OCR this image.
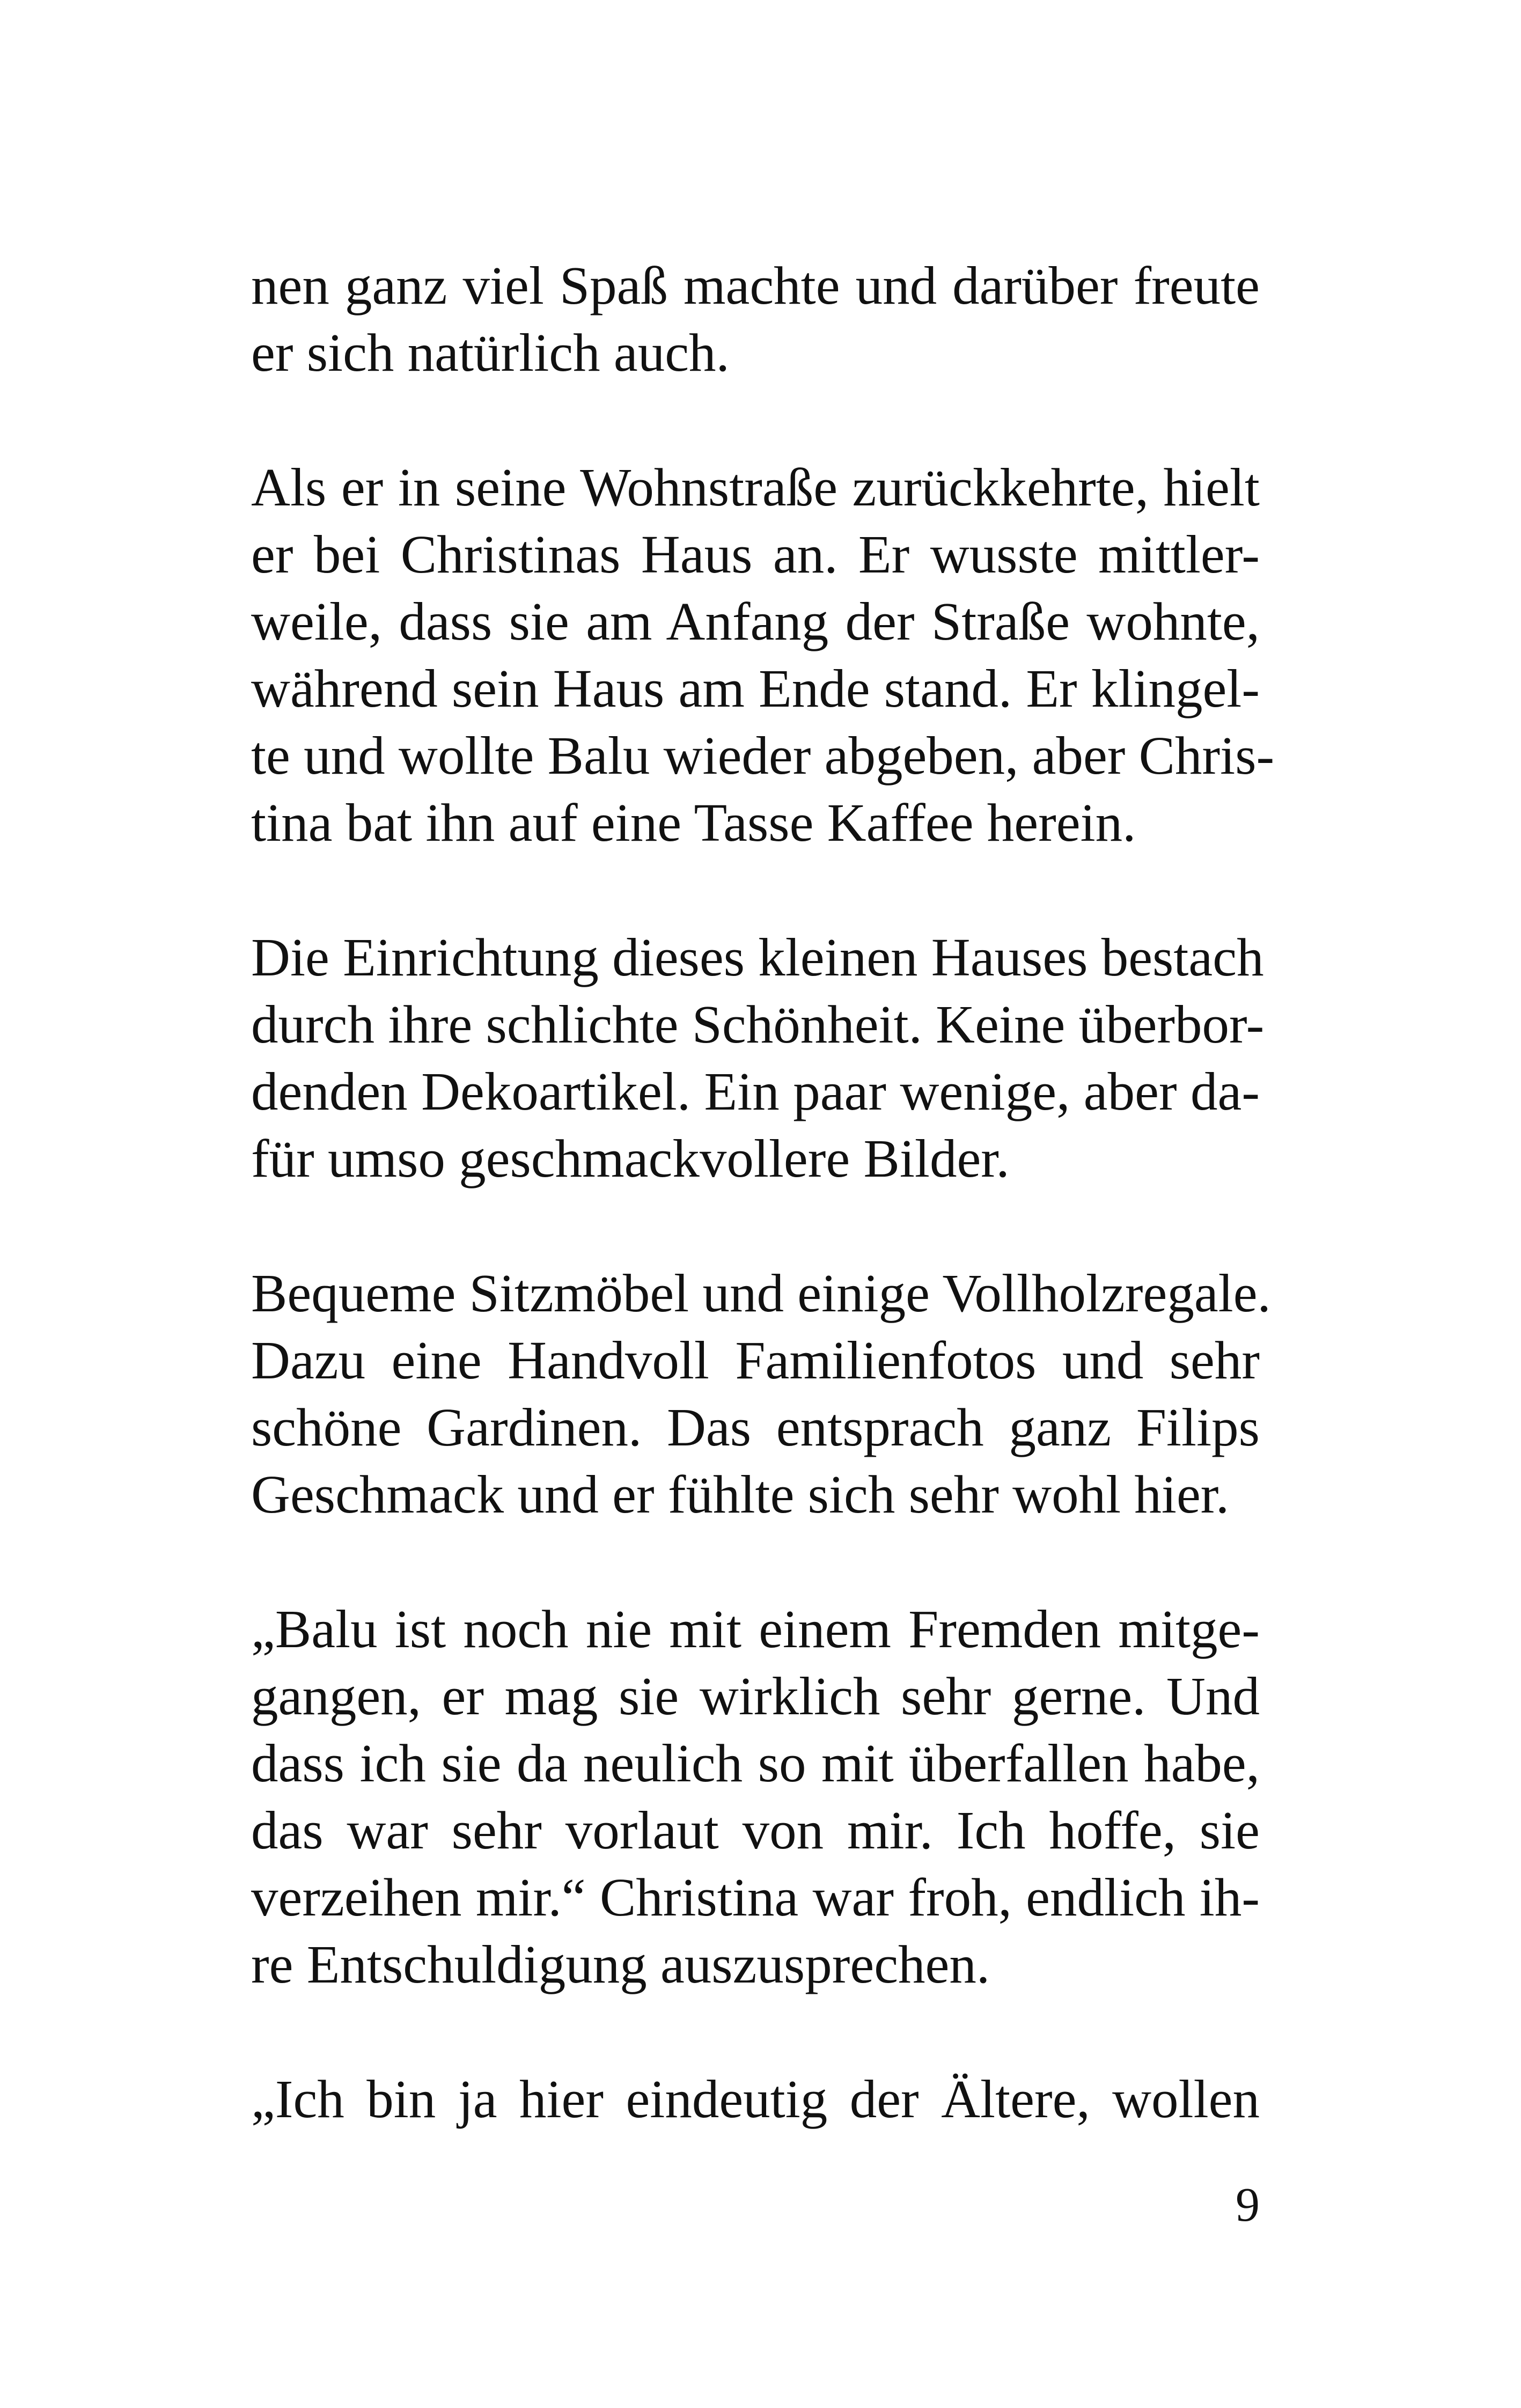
nen ganz viel Spaß machte und darüber freute
er sich natürlich auch.

Als er in seine Wohnstraße zurückkehrte, hielt
er bei Christinas Haus an. Er wusste mittler-
weile, dass sie am Anfang der Straße wohnte,
während sein Haus am Ende stand. Er klingel-
te und wollte Balu wieder abgeben, aber Chris-
tina bat ihn auf eine Tasse Kaffee herein.

Die Einrichtung dieses kleinen Hauses bestach
durch ihre schlichte Schönheit. Keine überbor-
denden Dekoartikel. Ein paar wenige, aber da-
für umso geschmackvollere Bilder.

Bequeme Sitzmöbel und einige Vollholzregale.
Dazu eine Handvoll Familienfotos und sehr
schöne Gardinen. Das entsprach ganz Filips
Geschmack und er fühlte sich sehr wohl hier.

„Balu ist noch nie mit einem Fremden mitge-
gangen, er mag sie wirklich sehr gerne. Und
dass ich sie da neulich so mit überfallen habe,
das war sehr vorlaut von mir. Ich hoffe, sie
verzeihen mir.“ Christina war froh, endlich ih-
re Entschuldigung auszusprechen.

„Ich bin ja hier eindeutig der Ältere, wollen

9
